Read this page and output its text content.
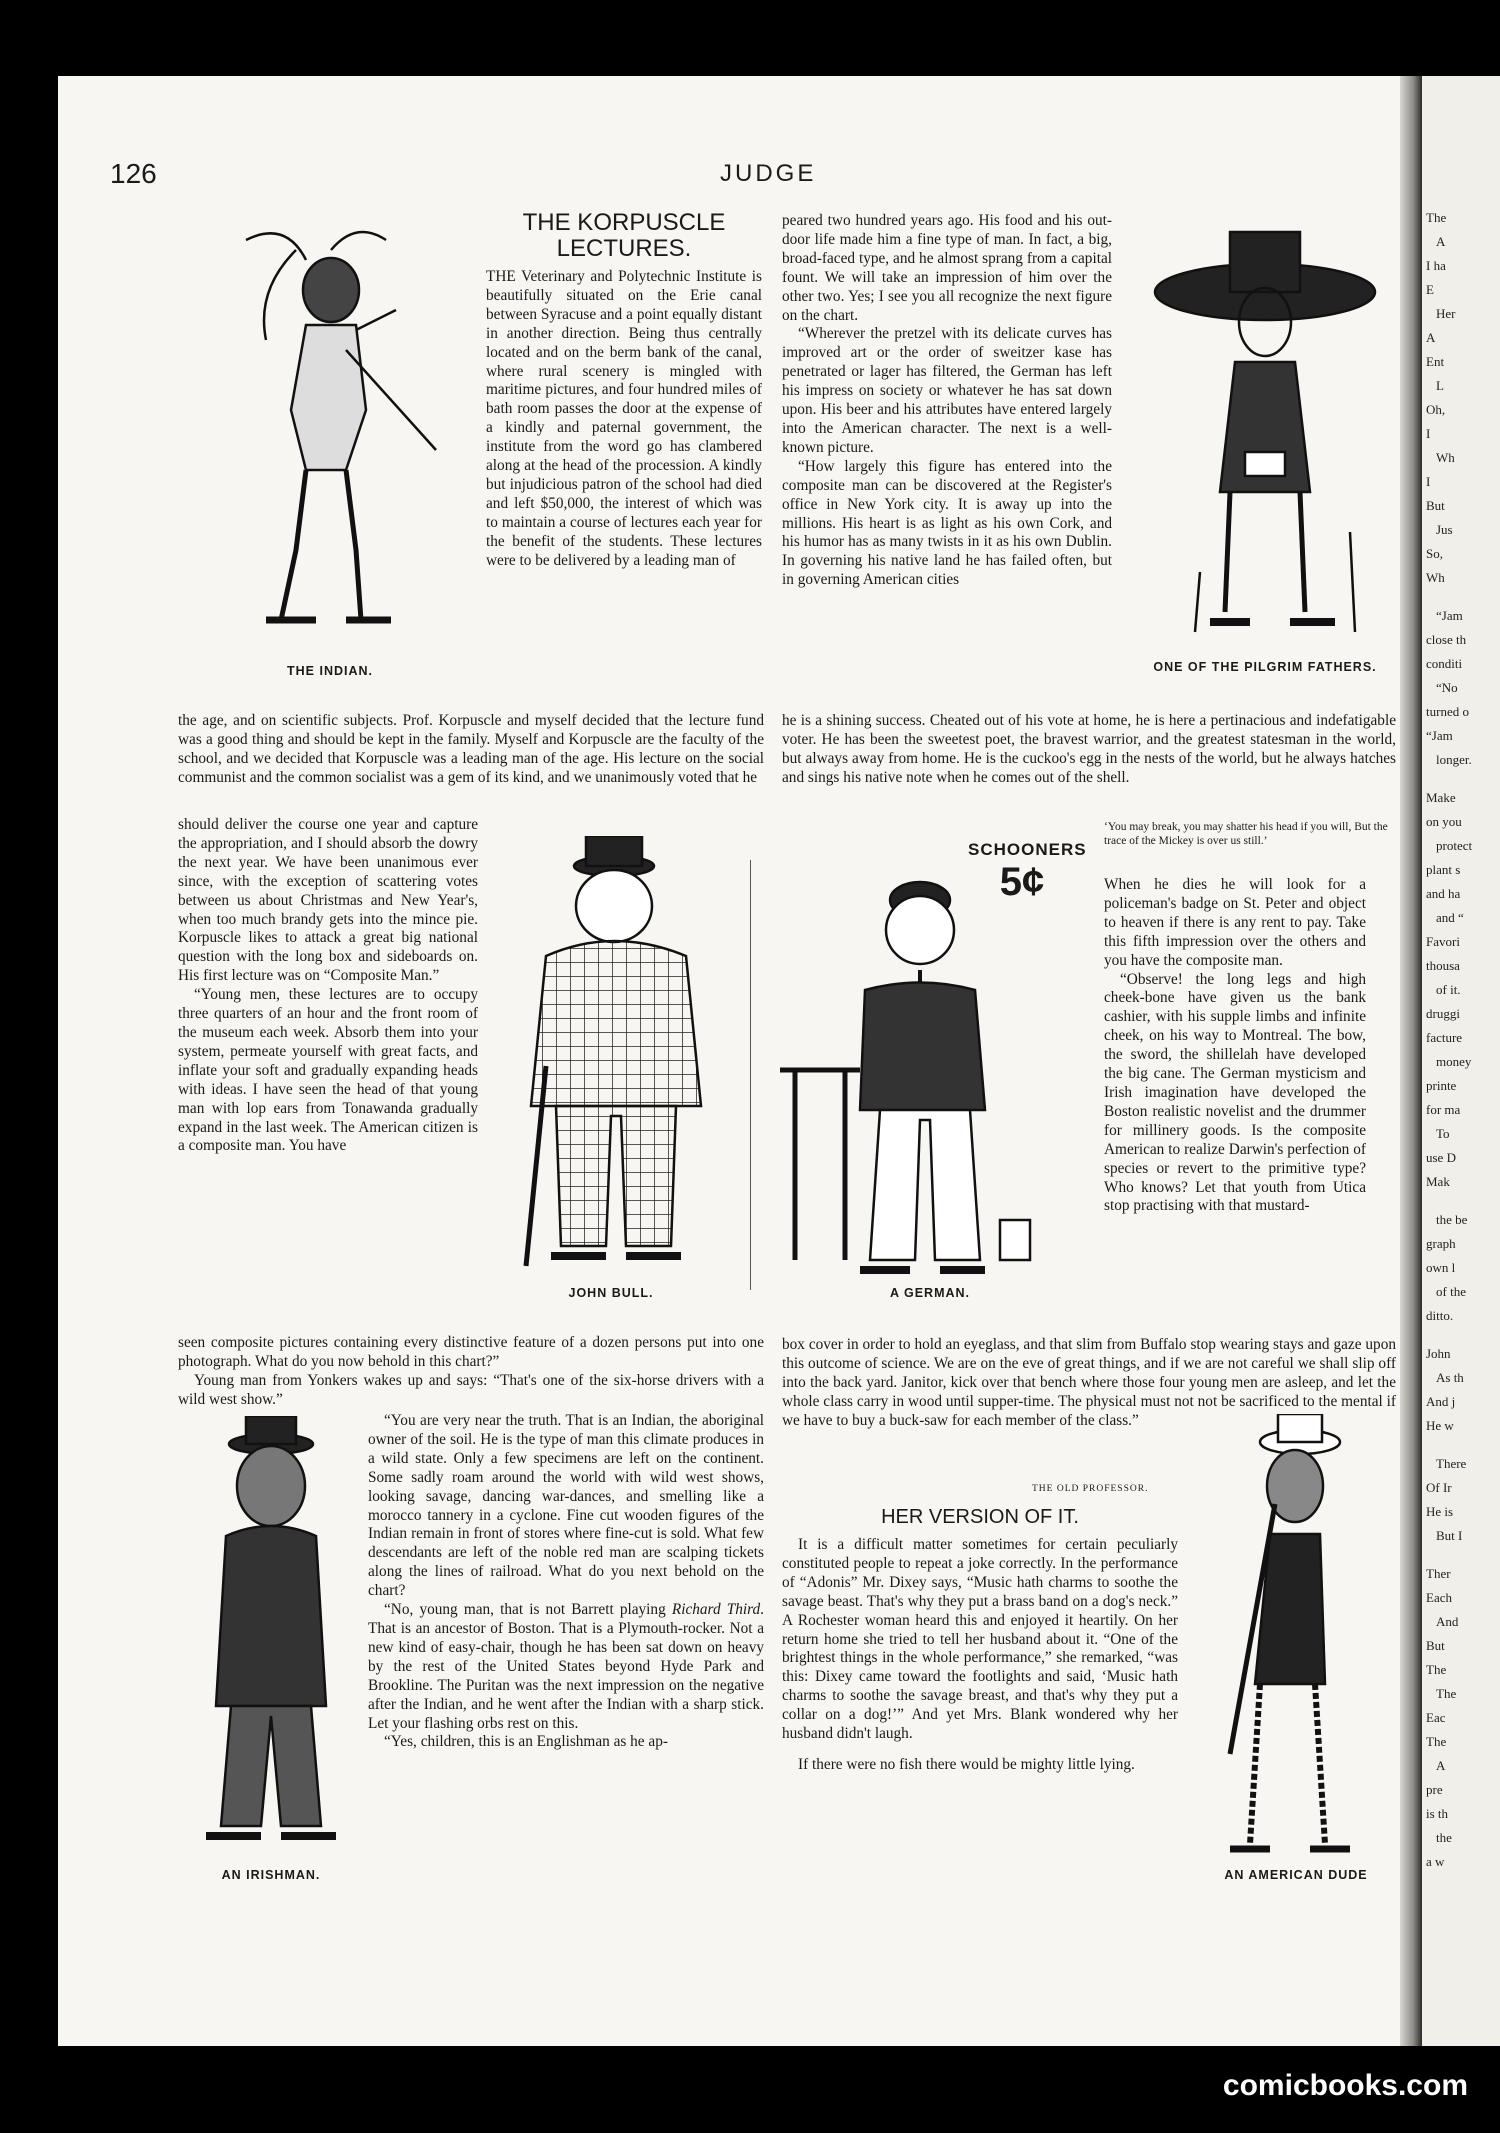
The
A
I ha
E
Her
A
Ent
L
Oh,
I
Wh
I
But
Jus
So,
Wh
“Jam
close th
conditi
“No
turned o
“Jam
longer.
Make
on you
protect
plant s
and ha
and “
Favori
thousa
of it.
druggi
facture
money
printe
for ma
To
use D
Mak
the be
graph
own l
of the
ditto.
John
As th
And j
He w
There
Of Ir
He is
But I
Ther
Each
And
But
The
The
Eac
The
A
pre
is th
the
a w
126	JUDGE
THE KORPUSCLE LECTURES.

THE Veterinary and Polytechnic Institute is beautifully situated on the Erie canal between Syracuse and a point equally distant in another direction. Being thus centrally located and on the berm bank of the canal, where rural scenery is mingled with maritime pictures, and four hundred miles of bath room passes the door at the expense of a kindly and paternal government, the institute from the word go has clambered along at the head of the procession. A kindly but injudicious patron of the school had died and left $50,000, the interest of which was to maintain a course of lectures each year for the benefit of the students. These lectures were to be delivered by a leading man of

the age, and on scientific subjects. Prof. Korpuscle and myself decided that the lecture fund was a good thing and should be kept in the family. Myself and Korpuscle are the faculty of the school, and we decided that Korpuscle was a leading man of the age. His lecture on the social communist and the common socialist was a gem of its kind, and we unanimously voted that he

should deliver the course one year and capture the appropriation, and I should absorb the dowry the next year. We have been unanimous ever since, with the exception of scattering votes between us about Christmas and New Year's, when too much brandy gets into the mince pie. Korpuscle likes to attack a great big national question with the long box and sideboards on. His first lecture was on “Composite Man.”

“Young men, these lectures are to occupy three quarters of an hour and the front room of the museum each week. Absorb them into your system, permeate yourself with great facts, and inflate your soft and gradually expanding heads with ideas. I have seen the head of that young man with lop ears from Tonawanda gradually expand in the last week. The American citizen is a composite man. You have

seen composite pictures containing every distinctive feature of a dozen persons put into one photograph. What do you now behold in this chart?”

Young man from Yonkers wakes up and says: “That's one of the six-horse drivers with a wild west show.”

“You are very near the truth. That is an Indian, the aboriginal owner of the soil. He is the type of man this climate produces in a wild state. Only a few specimens are left on the continent. Some sadly roam around the world with wild west shows, looking savage, dancing war-dances, and smelling like a morocco tannery in a cyclone. Fine cut wooden figures of the Indian remain in front of stores where fine-cut is sold. What few descendants are left of the noble red man are scalping tickets along the lines of railroad. What do you next behold on the chart?

“No, young man, that is not Barrett playing Richard Third. That is an ancestor of Boston. That is a Plymouth-rocker. Not a new kind of easy-chair, though he has been sat down on heavy by the rest of the United States beyond Hyde Park and Brookline. The Puritan was the next impression on the negative after the Indian, and he went after the Indian with a sharp stick. Let your flashing orbs rest on this.

“Yes, children, this is an Englishman as he ap-

peared two hundred years ago. His food and his out-door life made him a fine type of man. In fact, a big, broad-faced type, and he almost sprang from a capital fount. We will take an impression of him over the other two. Yes; I see you all recognize the next figure on the chart.

“Wherever the pretzel with its delicate curves has improved art or the order of sweitzer kase has penetrated or lager has filtered, the German has left his impress on society or whatever he has sat down upon. His beer and his attributes have entered largely into the American character. The next is a well-known picture.

“How largely this figure has entered into the composite man can be discovered at the Register's office in New York city. It is away up into the millions. His heart is as light as his own Cork, and his humor has as many twists in it as his own Dublin. In governing his native land he has failed often, but in governing American cities

he is a shining success. Cheated out of his vote at home, he is here a pertinacious and indefatigable voter. He has been the sweetest poet, the bravest warrior, and the greatest statesman in the world, but always away from home. He is the cuckoo's egg in the nests of the world, but he always hatches and sings his native note when he comes out of the shell.

‘You may break, you may shatter his head if you will, But the trace of the Mickey is over us still.’

When he dies he will look for a policeman's badge on St. Peter and object to heaven if there is any rent to pay. Take this fifth impression over the others and you have the composite man.

“Observe! the long legs and high cheek-bone have given us the bank cashier, with his supple limbs and infinite cheek, on his way to Montreal. The bow, the sword, the shillelah have developed the big cane. The German mysticism and Irish imagination have developed the Boston realistic novelist and the drummer for millinery goods. Is the composite American to realize Darwin's perfection of species or revert to the primitive type? Who knows? Let that youth from Utica stop practising with that mustard-

box cover in order to hold an eyeglass, and that slim from Buffalo stop wearing stays and gaze upon this outcome of science. We are on the eve of great things, and if we are not careful we shall slip off into the back yard. Janitor, kick over that bench where those four young men are asleep, and let the whole class carry in wood until supper-time. The physical must not not be sacrificed to the mental if we have to buy a buck-saw for each member of the class.”

THE OLD PROFESSOR.
HER VERSION OF IT.

It is a difficult matter sometimes for certain peculiarly constituted people to repeat a joke correctly. In the performance of “Adonis” Mr. Dixey says, “Music hath charms to soothe the savage beast. That's why they put a brass band on a dog's neck.” A Rochester woman heard this and enjoyed it heartily. On her return home she tried to tell her husband about it. “One of the brightest things in the whole performance,” she remarked, “was this: Dixey came toward the footlights and said, ‘Music hath charms to soothe the savage breast, and that's why they put a collar on a dog!’” And yet Mrs. Blank wondered why her husband didn't laugh.

If there were no fish there would be mighty little lying.

THE INDIAN.	ONE OF THE PILGRIM FATHERS.
JOHN BULL.
SCHOONERS
5¢
A GERMAN.
AN IRISHMAN.	AN AMERICAN DUDE
comicbooks.com
